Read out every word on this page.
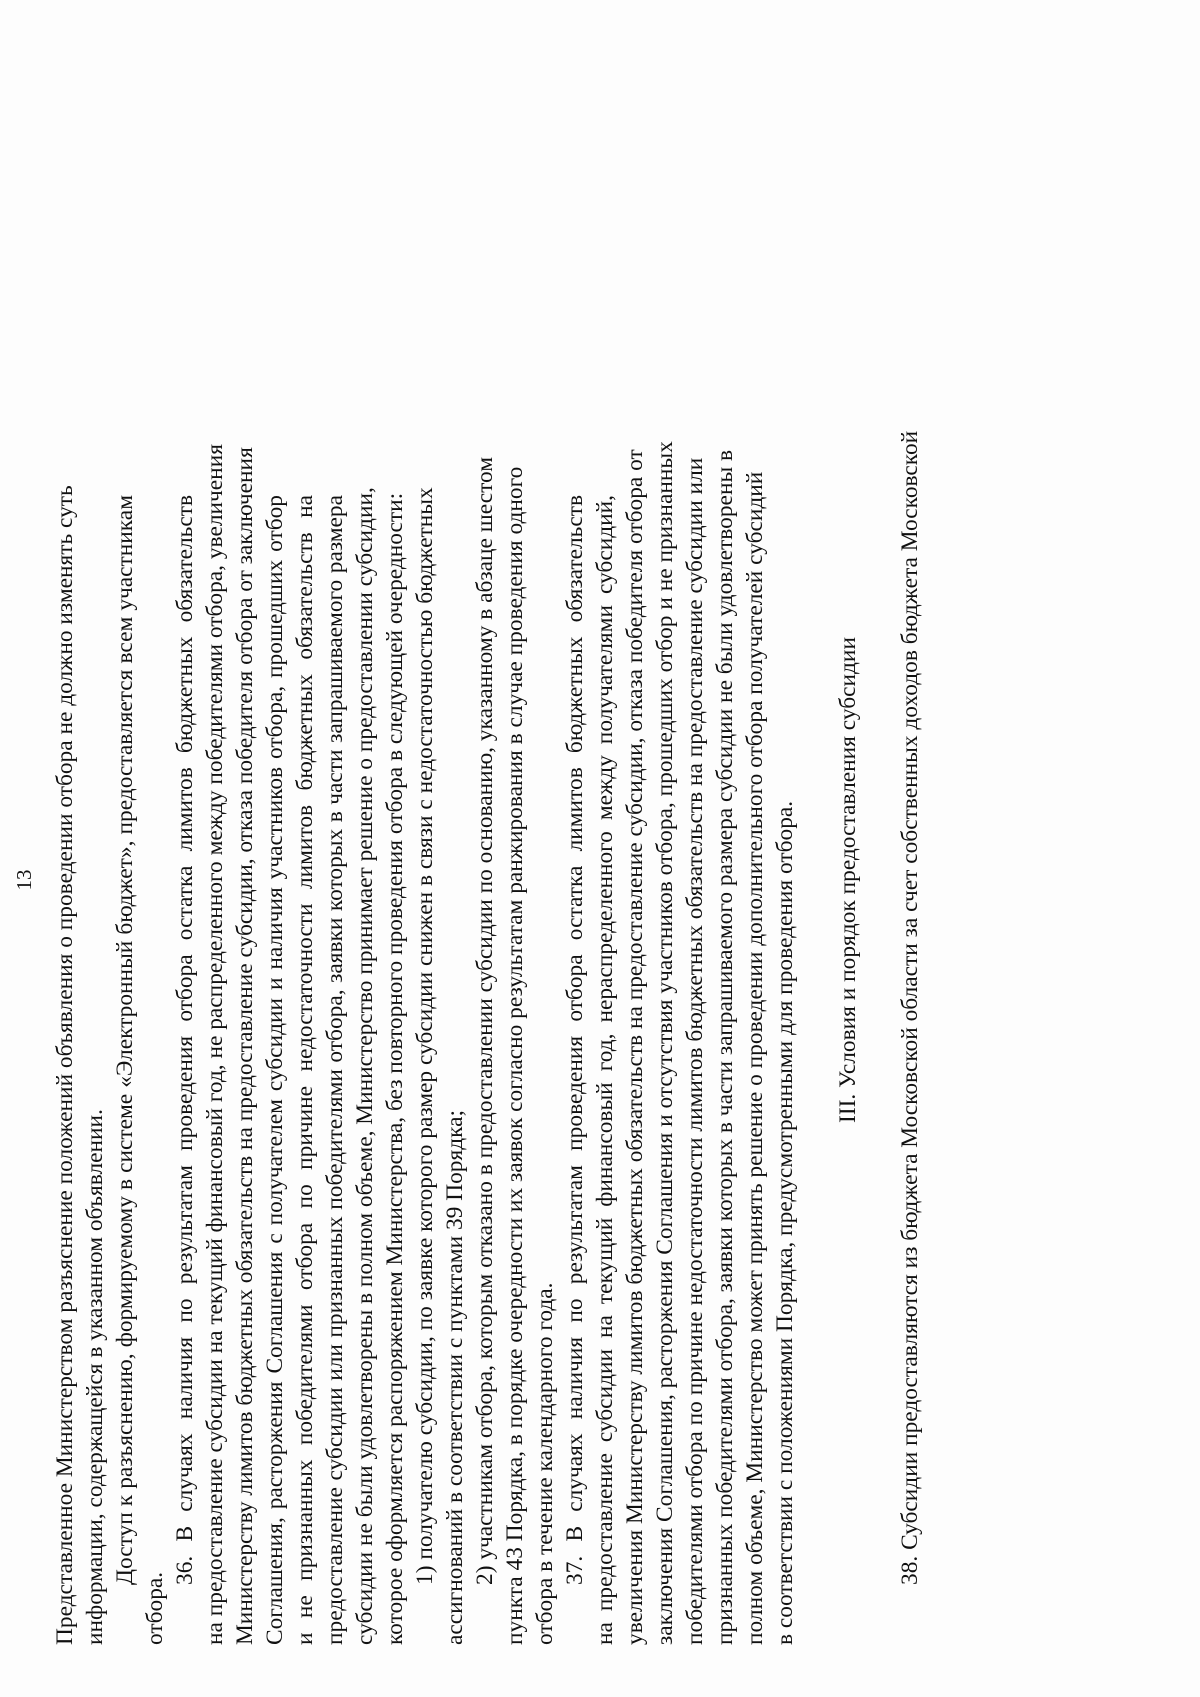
13 Представленное Министерством разъяснение положений объявления о проведении отбора не должно изменять суть информации, содержащейся в указанном объявлении. Доступ к разъяснению, формируемому в системе «Электронный бюджет», предоставляется всем участникам
отбора.
36. В случаях наличия по результатам проведения отбора остатка лимитов бюджетных обязательств на предоставление субсидии на текущий финансовый год, не распределенного между победителями отбора, увеличения Министерству лимитов бюджетных обязательств на предоставление субсидии, отказа победителя отбора от заключения Соглашения, расторжения Соглашения с получателем субсидии и наличия участников отбора, прошедших отбор и не признанных победителями отбора по причине недостаточности лимитов бюджетных обязательств на предоставление субсидии или признанных победителями отбора, заявки которых в части запрашиваемого размера субсидии не были удовлетворены в полном объеме, Министерство принимает решение о предоставлении субсидии, которое оформляется распоряжением Министерства, без повторного проведения отбора в следующей очередности: 1) получателю субсидии, по заявке которого размер субсидии снижен в связи с недостаточностью бюджетных ассигнований в соответствии с пунктами 39 Порядка; 2) участникам отбора, которым отказано в предоставлении субсидии по основанию, указанному в абзаце шестом пункта 43 Порядка, в порядке очередности их заявок согласно результатам ранжирования в случае проведения одного отбора в течение календарного года. 37. В случаях наличия по результатам проведения отбора остатка лимитов бюджетных обязательств на предоставление субсидии на текущий финансовый год, нераспределенного между получателями субсидий, увеличения Министерству лимитов бюджетных обязательств на предоставление субсидии, отказа победителя отбора от заключения Соглашения, расторжения Соглашения и отсутствия участников отбора, прошедших отбор и не признанных победителями отбора по причине недостаточности лимитов бюджетных обязательств на предоставление субсидии или признанных победителями отбора, заявки которых в части запрашиваемого размера субсидии не были удовлетворены в полном объеме, Министерство может принять решение о проведении дополнительного отбора получателей субсидий в соответствии с положениями Порядка, предусмотренными для проведения отбора. III. Условия и порядок предоставления субсидии 38. Субсидии предоставляются из бюджета Московской области за счет собственных доходов бюджета Московской
